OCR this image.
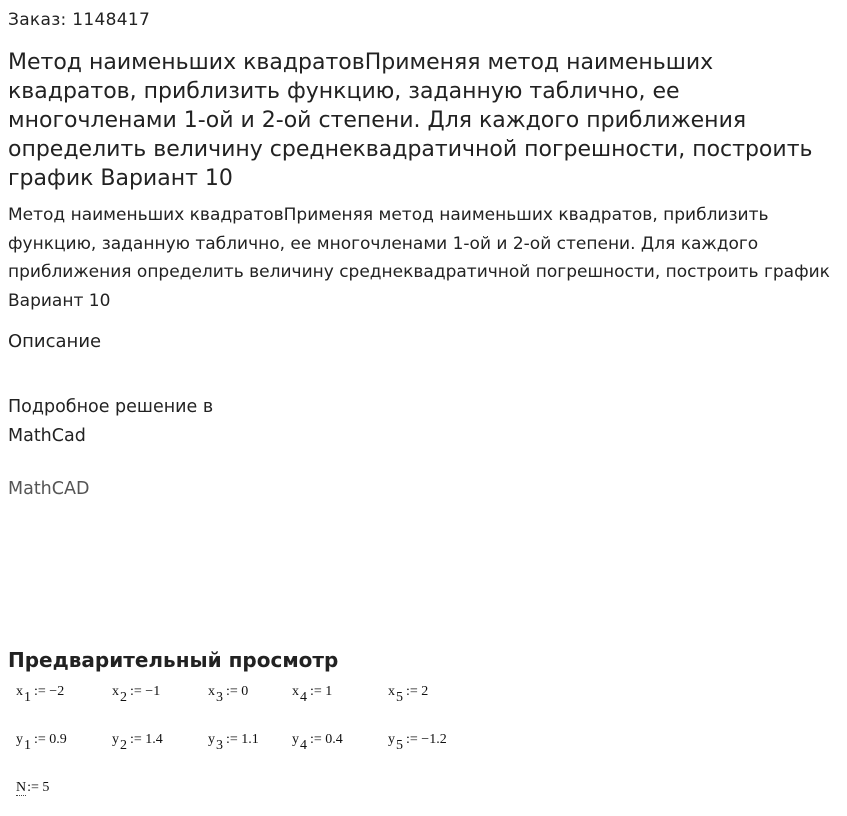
Заказ: 1148417
Метод наименьших квадратовПрименяя метод наименьших квадратов, приблизить функцию, заданную таблично, ее многочленами 1-ой и 2-ой степени. Для каждого приближения определить величину среднеквадратичной погрешности, построить график Вариант 10

Метод наименьших квадратовПрименяя метод наименьших квадратов, приблизить функцию, заданную таблично, ее многочленами 1-ой и 2-ой степени. Для каждого приближения определить величину среднеквадратичной погрешности, построить график Вариант 10

Описание
Подробное решение в MathCad
MathCAD
Предварительный просмотр
x1 := −2	x2 := −1	x3 := 0	x4 := 1	x5 := 2
y1 := 0.9	y2 := 1.4	y3 := 1.1 y4 := 0.4	y5 := −1.2
N:= 5
